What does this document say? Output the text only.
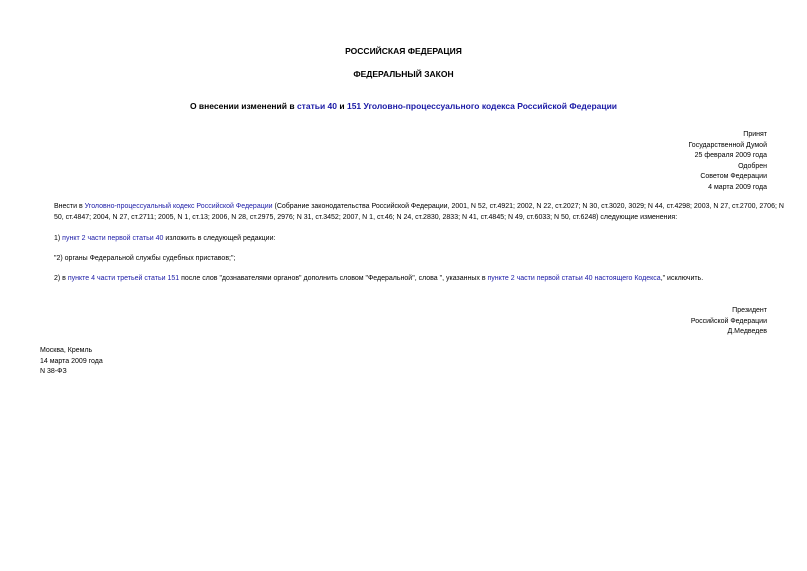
РОССИЙСКАЯ ФЕДЕРАЦИЯ
ФЕДЕРАЛЬНЫЙ ЗАКОН
О внесении изменений в статьи 40 и 151 Уголовно-процессуального кодекса Российской Федерации
Принят
Государственной Думой
25 февраля 2009 года
Одобрен
Советом Федерации
4 марта 2009 года
Внести в Уголовно-процессуальный кодекс Российской Федерации (Собрание законодательства Российской Федерации, 2001, N 52, ст.4921; 2002, N 22, ст.2027; N 30, ст.3020, 3029; N 44, ст.4298; 2003, N 27, ст.2700, 2706; N 50, ст.4847; 2004, N 27, ст.2711; 2005, N 1, ст.13; 2006, N 28, ст.2975, 2976; N 31, ст.3452; 2007, N 1, ст.46; N 24, ст.2830, 2833; N 41, ст.4845; N 49, ст.6033; N 50, ст.6248) следующие изменения:
1) пункт 2 части первой статьи 40 изложить в следующей редакции:
"2) органы Федеральной службы судебных приставов;";
2) в пункте 4 части третьей статьи 151 после слов "дознавателями органов" дополнить словом "Федеральной", слова ", указанных в пункте 2 части первой статьи 40 настоящего Кодекса," исключить.
Президент
Российской Федерации
Д.Медведев
Москва, Кремль
14 марта 2009 года
N 38-ФЗ
